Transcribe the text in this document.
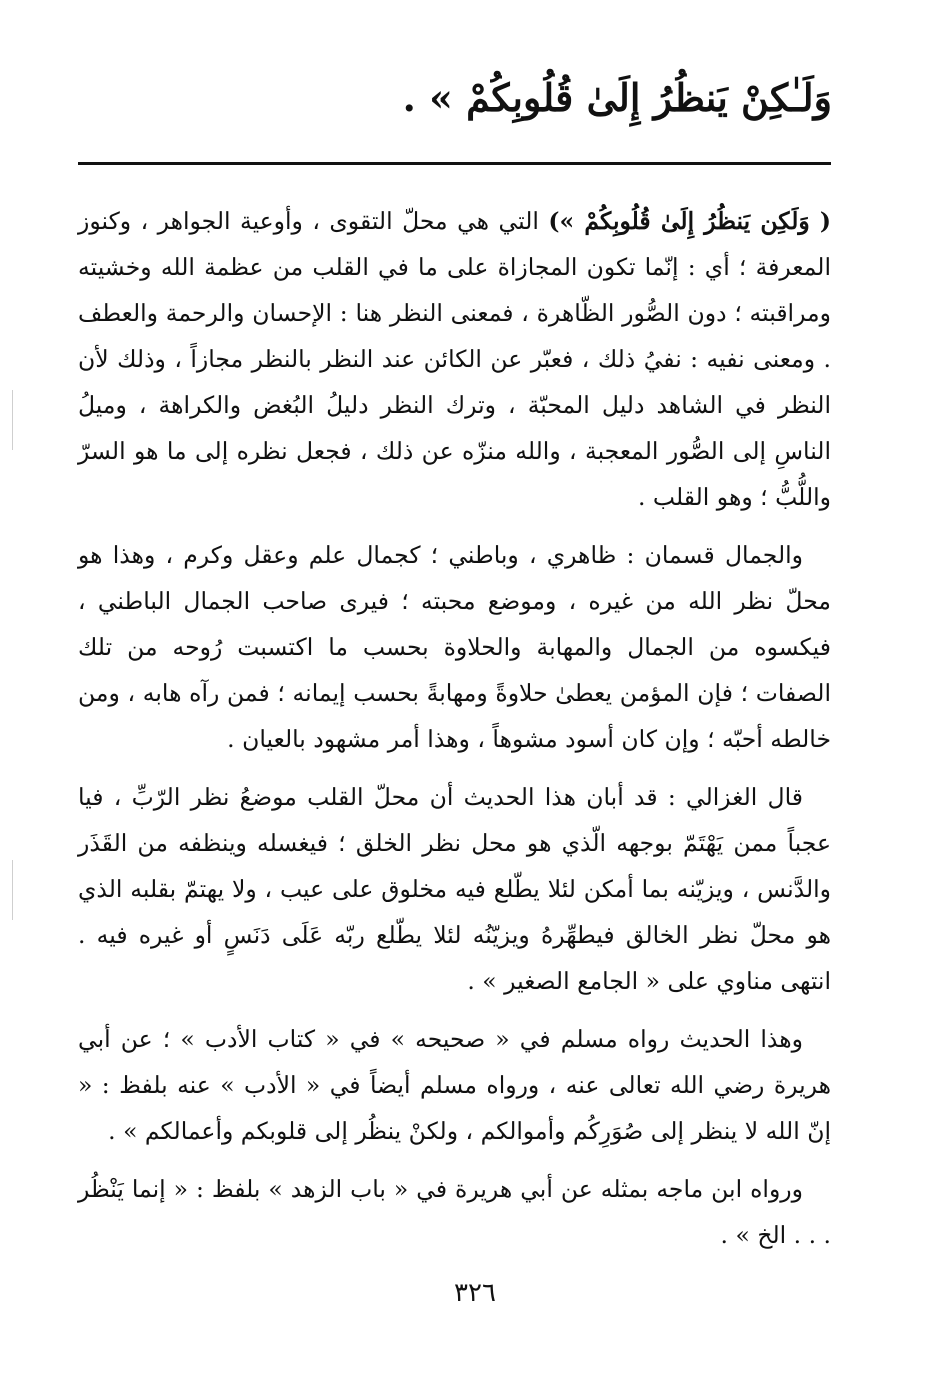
وَلَـٰكِنْ يَنظُرُ إِلَىٰ قُلُوبِكُمْ » .

( وَلَكِن يَنظُرُ إِلَىٰ قُلُوبِكُمْ ») التي هي محلّ التقوى ، وأوعية الجواهر ، وكنوز المعرفة ؛ أي : إنّما تكون المجازاة على ما في القلب من عظمة الله وخشيته ومراقبته ؛ دون الصُّور الظّاهرة ، فمعنى النظر هنا : الإحسان والرحمة والعطف . ومعنى نفيه : نفيُ ذلك ، فعبّر عن الكائن عند النظر بالنظر مجازاً ، وذلك لأن النظر في الشاهد دليل المحبّة ، وترك النظر دليلُ البُغض والكراهة ، وميلُ الناسِ إلى الصُّور المعجبة ، والله منزّه عن ذلك ، فجعل نظره إلى ما هو السرّ واللُّبُّ ؛ وهو القلب .

والجمال قسمان : ظاهري ، وباطني ؛ كجمال علم وعقل وكرم ، وهذا هو محلّ نظر الله من غيره ، وموضع محبته ؛ فيرى صاحب الجمال الباطني ، فيكسوه من الجمال والمهابة والحلاوة بحسب ما اكتسبت رُوحه من تلك الصفات ؛ فإن المؤمن يعطىٰ حلاوةً ومهابةً بحسب إيمانه ؛ فمن رآه هابه ، ومن خالطه أحبّه ؛ وإن كان أسود مشوهاً ، وهذا أمر مشهود بالعيان .

قال الغزالي : قد أبان هذا الحديث أن محلّ القلب موضعُ نظر الرّبِّ ، فيا عجباً ممن يَهْتَمّ بوجهه الّذي هو محل نظر الخلق ؛ فيغسله وينظفه من القَذَر والدَّنس ، ويزيّنه بما أمكن لئلا يطّلع فيه مخلوق على عيب ، ولا يهتمّ بقلبه الذي هو محلّ نظر الخالق فيطهِّرهُ ويزيّنُه لئلا يطّلع ربّه عَلَى دَنَسٍ أو غيره فيه . انتهى مناوي على « الجامع الصغير » .

وهذا الحديث رواه مسلم في « صحيحه » في « كتاب الأدب » ؛ عن أبي هريرة رضي الله تعالى عنه ، ورواه مسلم أيضاً في « الأدب » عنه بلفظ : « إنّ الله لا ينظر إلى صُوَرِكُم وأموالكم ، ولكنْ ينظُر إلى قلوبكم وأعمالكم » .

ورواه ابن ماجه بمثله عن أبي هريرة في « باب الزهد » بلفظ : « إنما يَنْظُر . . . الخ » .

٣٢٦
